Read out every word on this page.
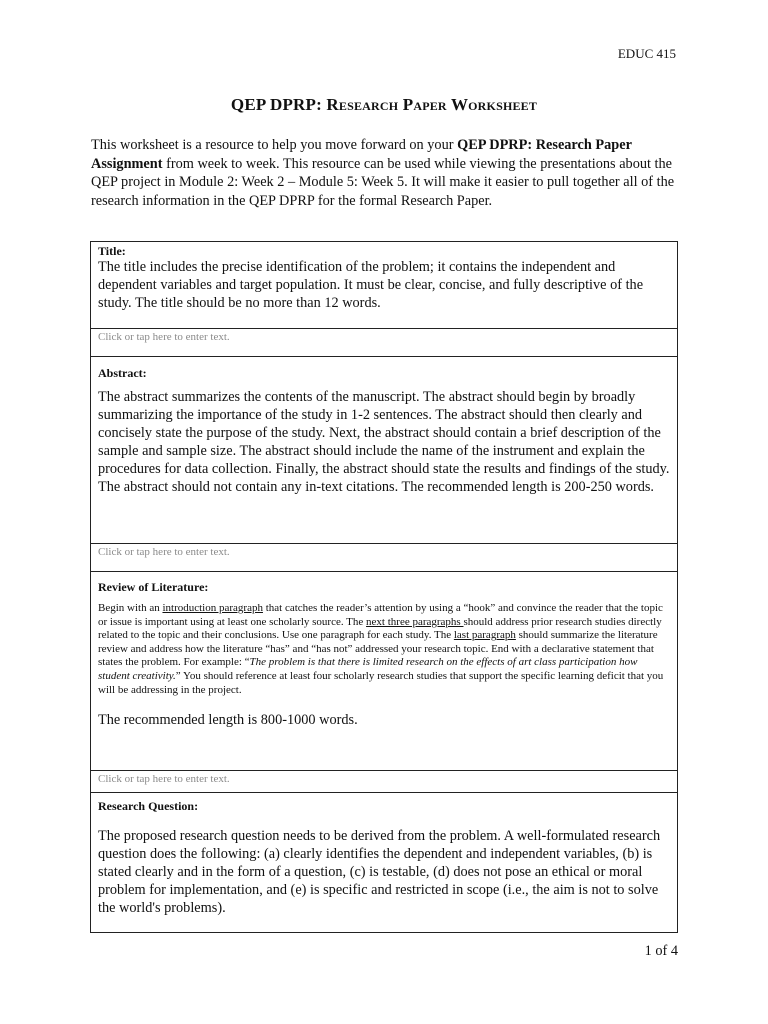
EDUC 415
QEP DPRP: Research Paper Worksheet

This worksheet is a resource to help you move forward on your QEP DPRP: Research Paper Assignment from week to week. This resource can be used while viewing the presentations about the QEP project in Module 2: Week 2 – Module 5: Week 5. It will make it easier to pull together all of the research information in the QEP DPRP for the formal Research Paper.

Title:

The title includes the precise identification of the problem; it contains the independent and dependent variables and target population. It must be clear, concise, and fully descriptive of the study. The title should be no more than 12 words.

Click or tap here to enter text.

Abstract:

The abstract summarizes the contents of the manuscript. The abstract should begin by broadly summarizing the importance of the study in 1-2 sentences. The abstract should then clearly and concisely state the purpose of the study. Next, the abstract should contain a brief description of the sample and sample size. The abstract should include the name of the instrument and explain the procedures for data collection. Finally, the abstract should state the results and findings of the study. The abstract should not contain any in-text citations. The recommended length is 200-250 words.

Click or tap here to enter text.

Review of Literature:

Begin with an introduction paragraph that catches the reader’s attention by using a “hook” and convince the reader that the topic or issue is important using at least one scholarly source. The next three paragraphs should address prior research studies directly related to the topic and their conclusions. Use one paragraph for each study. The last paragraph should summarize the literature review and address how the literature “has” and “has not” addressed your research topic. End with a declarative statement that states the problem. For example: “The problem is that there is limited research on the effects of art class participation how student creativity.” You should reference at least four scholarly research studies that support the specific learning deficit that you will be addressing in the project.

The recommended length is 800-1000 words.

Click or tap here to enter text.

Research Question:

The proposed research question needs to be derived from the problem. A well-formulated research question does the following: (a) clearly identifies the dependent and independent variables, (b) is stated clearly and in the form of a question, (c) is testable, (d) does not pose an ethical or moral problem for implementation, and (e) is specific and restricted in scope (i.e., the aim is not to solve the world's problems).

1 of 4
